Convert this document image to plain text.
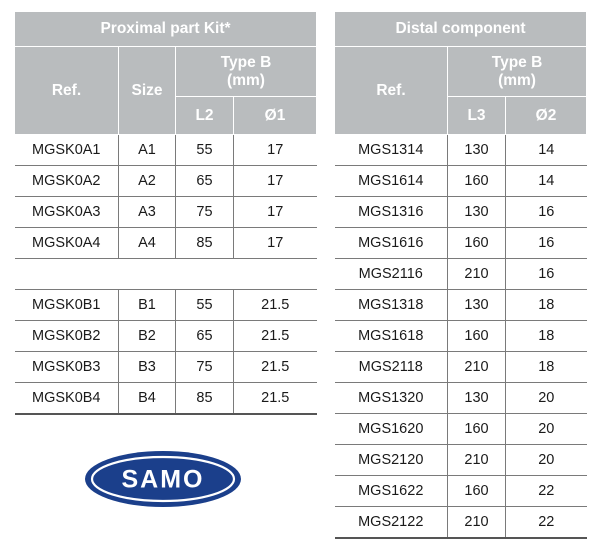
Proximal part Kit*			
Ref.	Size	Type B
(mm)	
		L2	Ø1
MGSK0A1	A1	55	17
MGSK0A2	A2	65	17
MGSK0A3	A3	75	17
MGSK0A4	A4	85	17

MGSK0B1	B1	55	21.5
MGSK0B2	B2	65	21.5
MGSK0B3	B3	75	21.5
MGSK0B4	B4	85	21.5
Distal component		
Ref.	Type B
(mm)	
	L3	Ø2
MGS1314	130	14
MGS1614	160	14
MGS1316	130	16
MGS1616	160	16
MGS2116	210	16
MGS1318	130	18
MGS1618	160	18
MGS2118	210	18
MGS1320	130	20
MGS1620	160	20
MGS2120	210	20
MGS1622	160	22
MGS2122	210	22
SAMO
